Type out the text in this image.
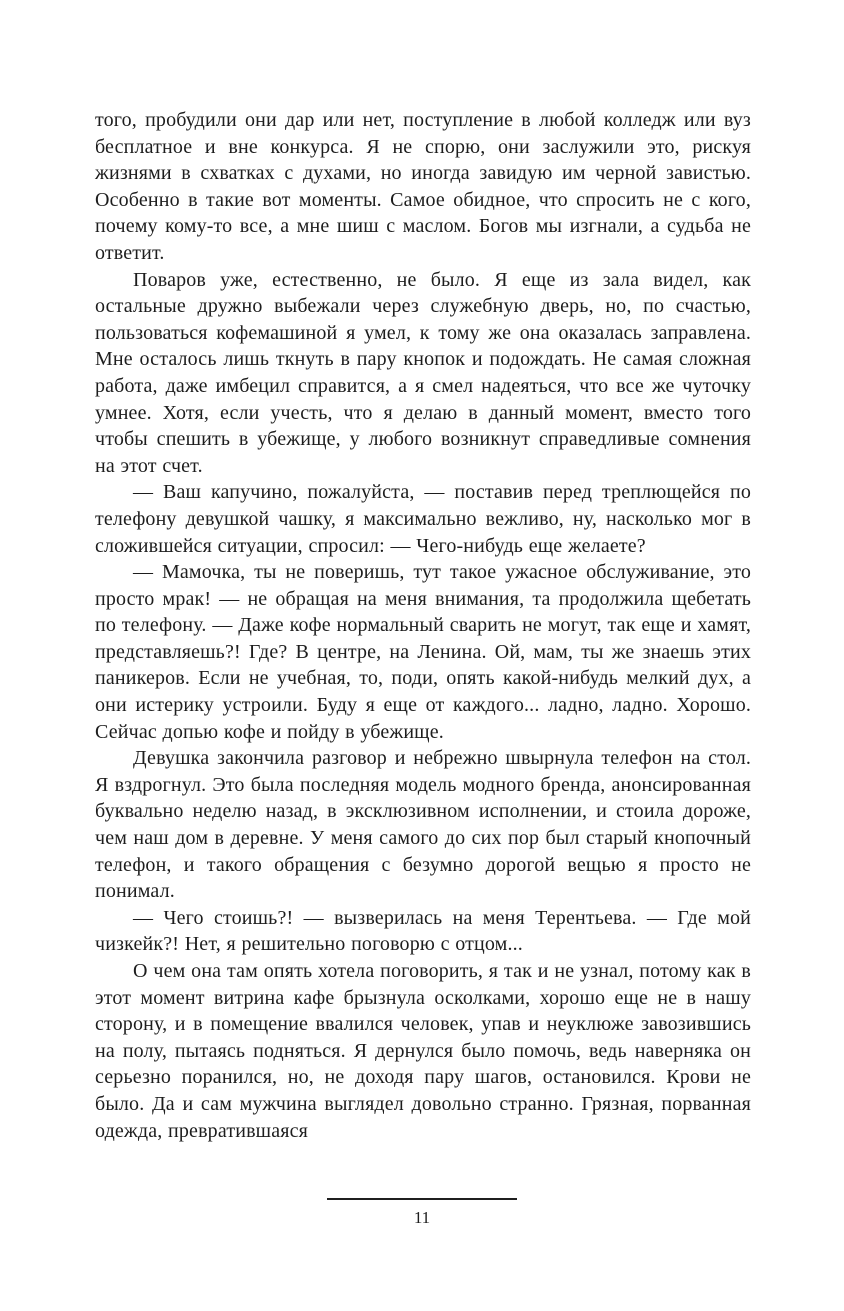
того, пробудили они дар или нет, поступление в любой колледж или вуз бесплатное и вне конкурса. Я не спорю, они заслужили это, рискуя жизнями в схватках с духами, но иногда завидую им черной завистью. Особенно в такие вот моменты. Самое обидное, что спросить не с кого, почему кому-то все, а мне шиш с маслом. Богов мы изгнали, а судьба не ответит.

Поваров уже, естественно, не было. Я еще из зала видел, как остальные дружно выбежали через служебную дверь, но, по счастью, пользоваться кофемашиной я умел, к тому же она оказалась заправлена. Мне осталось лишь ткнуть в пару кнопок и подождать. Не самая сложная работа, даже имбецил справится, а я смел надеяться, что все же чуточку умнее. Хотя, если учесть, что я делаю в данный момент, вместо того чтобы спешить в убежище, у любого возникнут справедливые сомнения на этот счет.

— Ваш капучино, пожалуйста, — поставив перед треплющейся по телефону девушкой чашку, я максимально вежливо, ну, насколько мог в сложившейся ситуации, спросил: — Чего-нибудь еще желаете?

— Мамочка, ты не поверишь, тут такое ужасное обслуживание, это просто мрак! — не обращая на меня внимания, та продолжила щебетать по телефону. — Даже кофе нормальный сварить не могут, так еще и хамят, представляешь?! Где? В центре, на Ленина. Ой, мам, ты же знаешь этих паникеров. Если не учебная, то, поди, опять какой-нибудь мелкий дух, а они истерику устроили. Буду я еще от каждого... ладно, ладно. Хорошо. Сейчас допью кофе и пойду в убежище.

Девушка закончила разговор и небрежно швырнула телефон на стол. Я вздрогнул. Это была последняя модель модного бренда, анонсированная буквально неделю назад, в эксклюзивном исполнении, и стоила дороже, чем наш дом в деревне. У меня самого до сих пор был старый кнопочный телефон, и такого обращения с безумно дорогой вещью я просто не понимал.

— Чего стоишь?! — вызверилась на меня Терентьева. — Где мой чизкейк?! Нет, я решительно поговорю с отцом...

О чем она там опять хотела поговорить, я так и не узнал, потому как в этот момент витрина кафе брызнула осколками, хорошо еще не в нашу сторону, и в помещение ввалился человек, упав и неуклюже завозившись на полу, пытаясь подняться. Я дернулся было помочь, ведь наверняка он серьезно поранился, но, не доходя пару шагов, остановился. Крови не было. Да и сам мужчина выглядел довольно странно. Грязная, порванная одежда, превратившаяся

11
